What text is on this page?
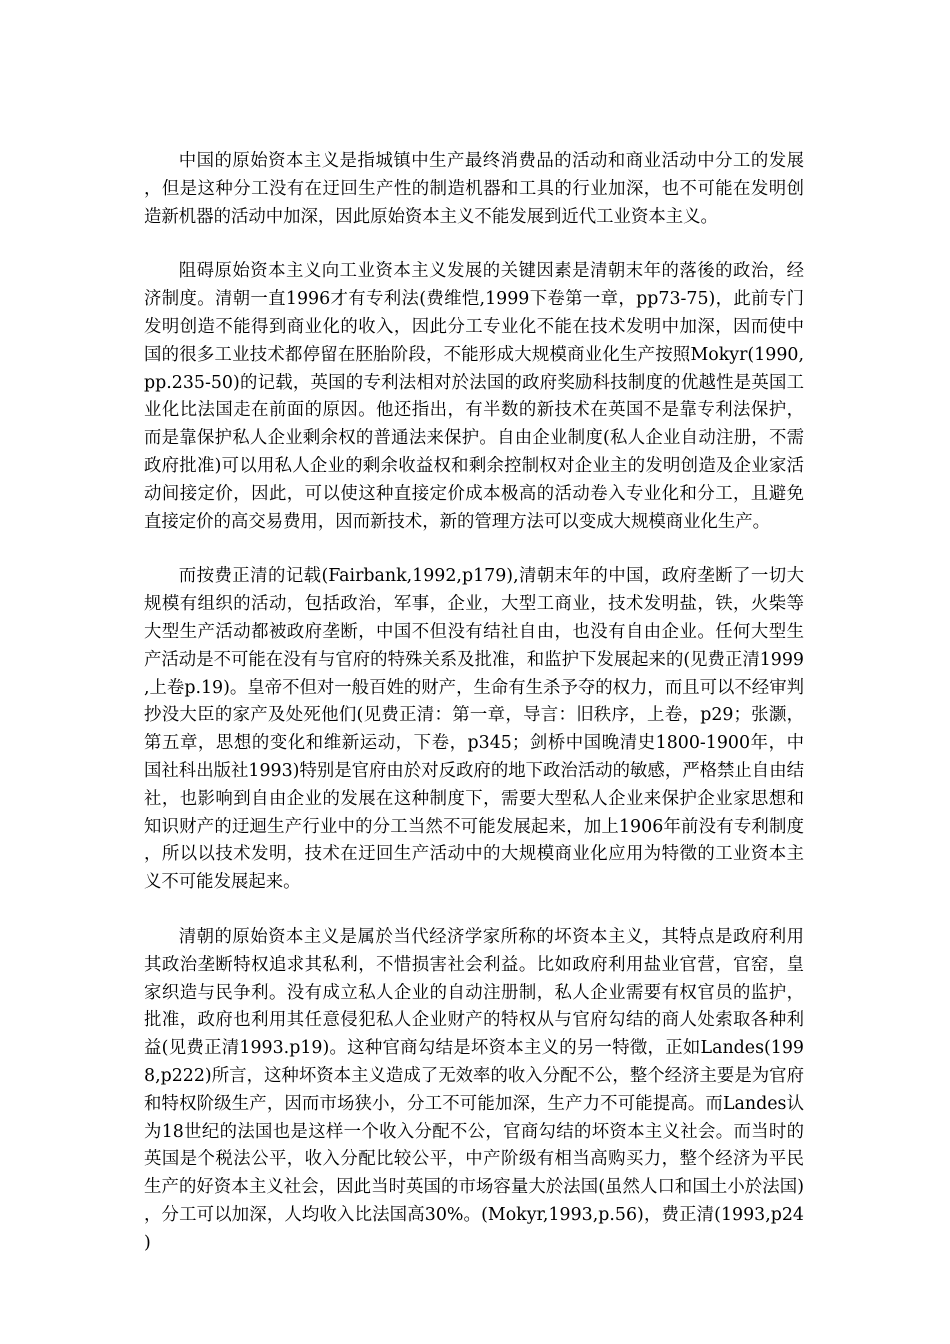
中国的原始资本主义是指城镇中生产最终消费品的活动和商业活动中分工的发展，但是这种分工没有在迂回生产性的制造机器和工具的行业加深，也不可能在发明创造新机器的活动中加深，因此原始资本主义不能发展到近代工业资本主义。

阻碍原始资本主义向工业资本主义发展的关键因素是清朝末年的落後的政治，经济制度。清朝一直1996才有专利法(费维恺,1999下卷第一章，pp73-75)，此前专门发明创造不能得到商业化的收入，因此分工专业化不能在技术发明中加深，因而使中国的很多工业技术都停留在胚胎阶段，不能形成大规模商业化生产按照Mokyr(1990,pp.235-50)的记载，英国的专利法相对於法国的政府奖励科技制度的优越性是英国工业化比法国走在前面的原因。他还指出，有半数的新技术在英国不是靠专利法保护，而是靠保护私人企业剩余权的普通法来保护。自由企业制度(私人企业自动注册，不需政府批准)可以用私人企业的剩余收益权和剩余控制权对企业主的发明创造及企业家活动间接定价，因此，可以使这种直接定价成本极高的活动卷入专业化和分工，且避免直接定价的高交易费用，因而新技术，新的管理方法可以变成大规模商业化生产。

而按费正清的记载(Fairbank,1992,p179),清朝末年的中国，政府垄断了一切大规模有组织的活动，包括政治，军事，企业，大型工商业，技术发明盐，铁，火柴等大型生产活动都被政府垄断，中国不但没有结社自由，也没有自由企业。任何大型生产活动是不可能在没有与官府的特殊关系及批准，和监护下发展起来的(见费正清1999,上卷p.19)。皇帝不但对一般百姓的财产，生命有生杀予夺的权力，而且可以不经审判抄没大臣的家产及处死他们(见费正清：第一章，导言：旧秩序，上卷，p29；张灏，第五章，思想的变化和维新运动，下卷，p345；剑桥中国晚清史1800-1900年，中国社科出版社1993)特别是官府由於对反政府的地下政治活动的敏感，严格禁止自由结社，也影响到自由企业的发展在这种制度下，需要大型私人企业来保护企业家思想和知识财产的迂迴生产行业中的分工当然不可能发展起来，加上1906年前没有专利制度，所以以技术发明，技术在迂回生产活动中的大规模商业化应用为特徵的工业资本主义不可能发展起来。

清朝的原始资本主义是属於当代经济学家所称的坏资本主义，其特点是政府利用其政治垄断特权追求其私利，不惜损害社会利益。比如政府利用盐业官营，官窑，皇家织造与民争利。没有成立私人企业的自动注册制，私人企业需要有权官员的监护，批准，政府也利用其任意侵犯私人企业财产的特权从与官府勾结的商人处索取各种利益(见费正清1993.p19)。这种官商勾结是坏资本主义的另一特徵，正如Landes(1998,p222)所言，这种坏资本主义造成了无效率的收入分配不公，整个经济主要是为官府和特权阶级生产，因而市场狭小，分工不可能加深，生产力不可能提高。而Landes认为18世纪的法国也是这样一个收入分配不公，官商勾结的坏资本主义社会。而当时的英国是个税法公平，收入分配比较公平，中产阶级有相当高购买力，整个经济为平民生产的好资本主义社会，因此当时英国的市场容量大於法国(虽然人口和国土小於法国)，分工可以加深，人均收入比法国高30%。(Mokyr,1993,p.56)，费正清(1993,p24)
